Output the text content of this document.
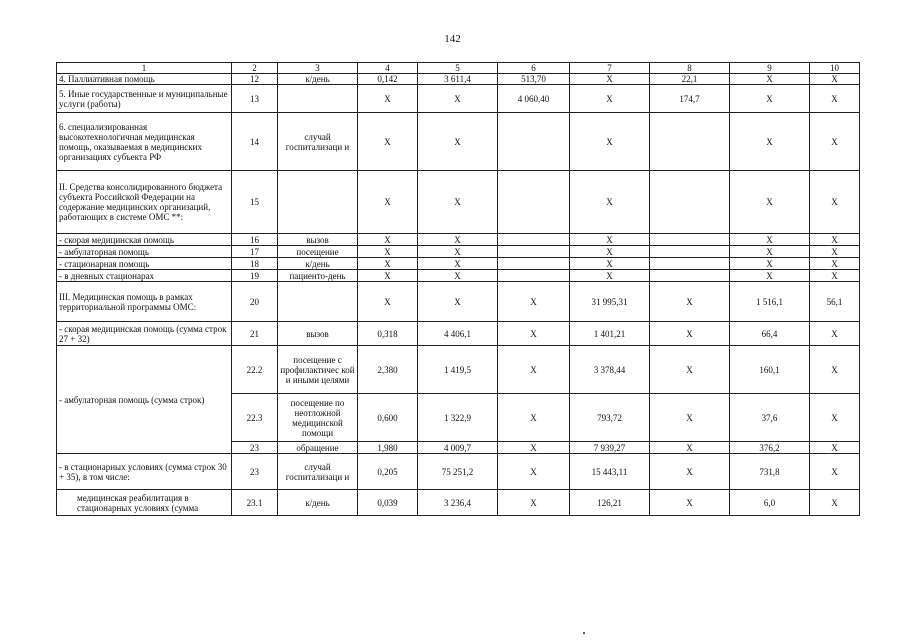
142
1	2	3	4	5	6	7	8	9	10
4. Паллиативная помощь	12	к/день	0,142	3 611,4	513,70	Х	22,1	Х	Х
5. Иные государственные и муниципальные услуги (работы)	13		Х	Х	4 060,40	Х	174,7	Х	Х
6. специализированная высокотехнологичная медицинская помощь, оказываемая в медицинских организациях субъекта РФ	14	случай госпитализаци и	Х	Х		Х		Х	Х
II. Средства консолидированного бюджета субъекта Российской Федерации на содержание медицинских организаций, работающих в системе ОМС **:	15		Х	Х		Х		Х	Х
- скорая медицинская помощь	16	вызов	Х	Х		Х		Х	Х
- амбулаторная помощь	17	посещение	Х	Х		Х		Х	Х
- стационарная помощь	18	к/день	Х	Х		Х		Х	Х
- в дневных стационарах	19	пациенто-день	Х	Х		Х		Х	Х
III. Медицинская помощь в рамках территориальной программы ОМС:	20		Х	Х	Х	31 995,31	Х	1 516,1	56,1
- скорая медицинская помощь (сумма строк 27 + 32)	21	вызов	0,318	4 406,1	Х	1 401,21	Х	66,4	Х
- амбулаторная помощь (сумма строк)	22.2	посещение с профилактичес кой и иными целями	2,380	1 419,5	Х	3 378,44	Х	160,1	Х
	22.3	посещение по неотложной медицинской помощи	0,600	1 322,9	Х	793,72	Х	37,6	Х
	23	обращение	1,980	4 009,7	Х	7 939,27	Х	376,2	Х
- в стационарных условиях (сумма строк 30 + 35), в том числе:	23	случай госпитализаци и	0,205	75 251,2	Х	15 443,11	Х	731,8	Х
медицинская реабилитация в стационарных условиях (сумма	23.1	к/день	0,039	3 236,4	Х	126,21	Х	6,0	Х
